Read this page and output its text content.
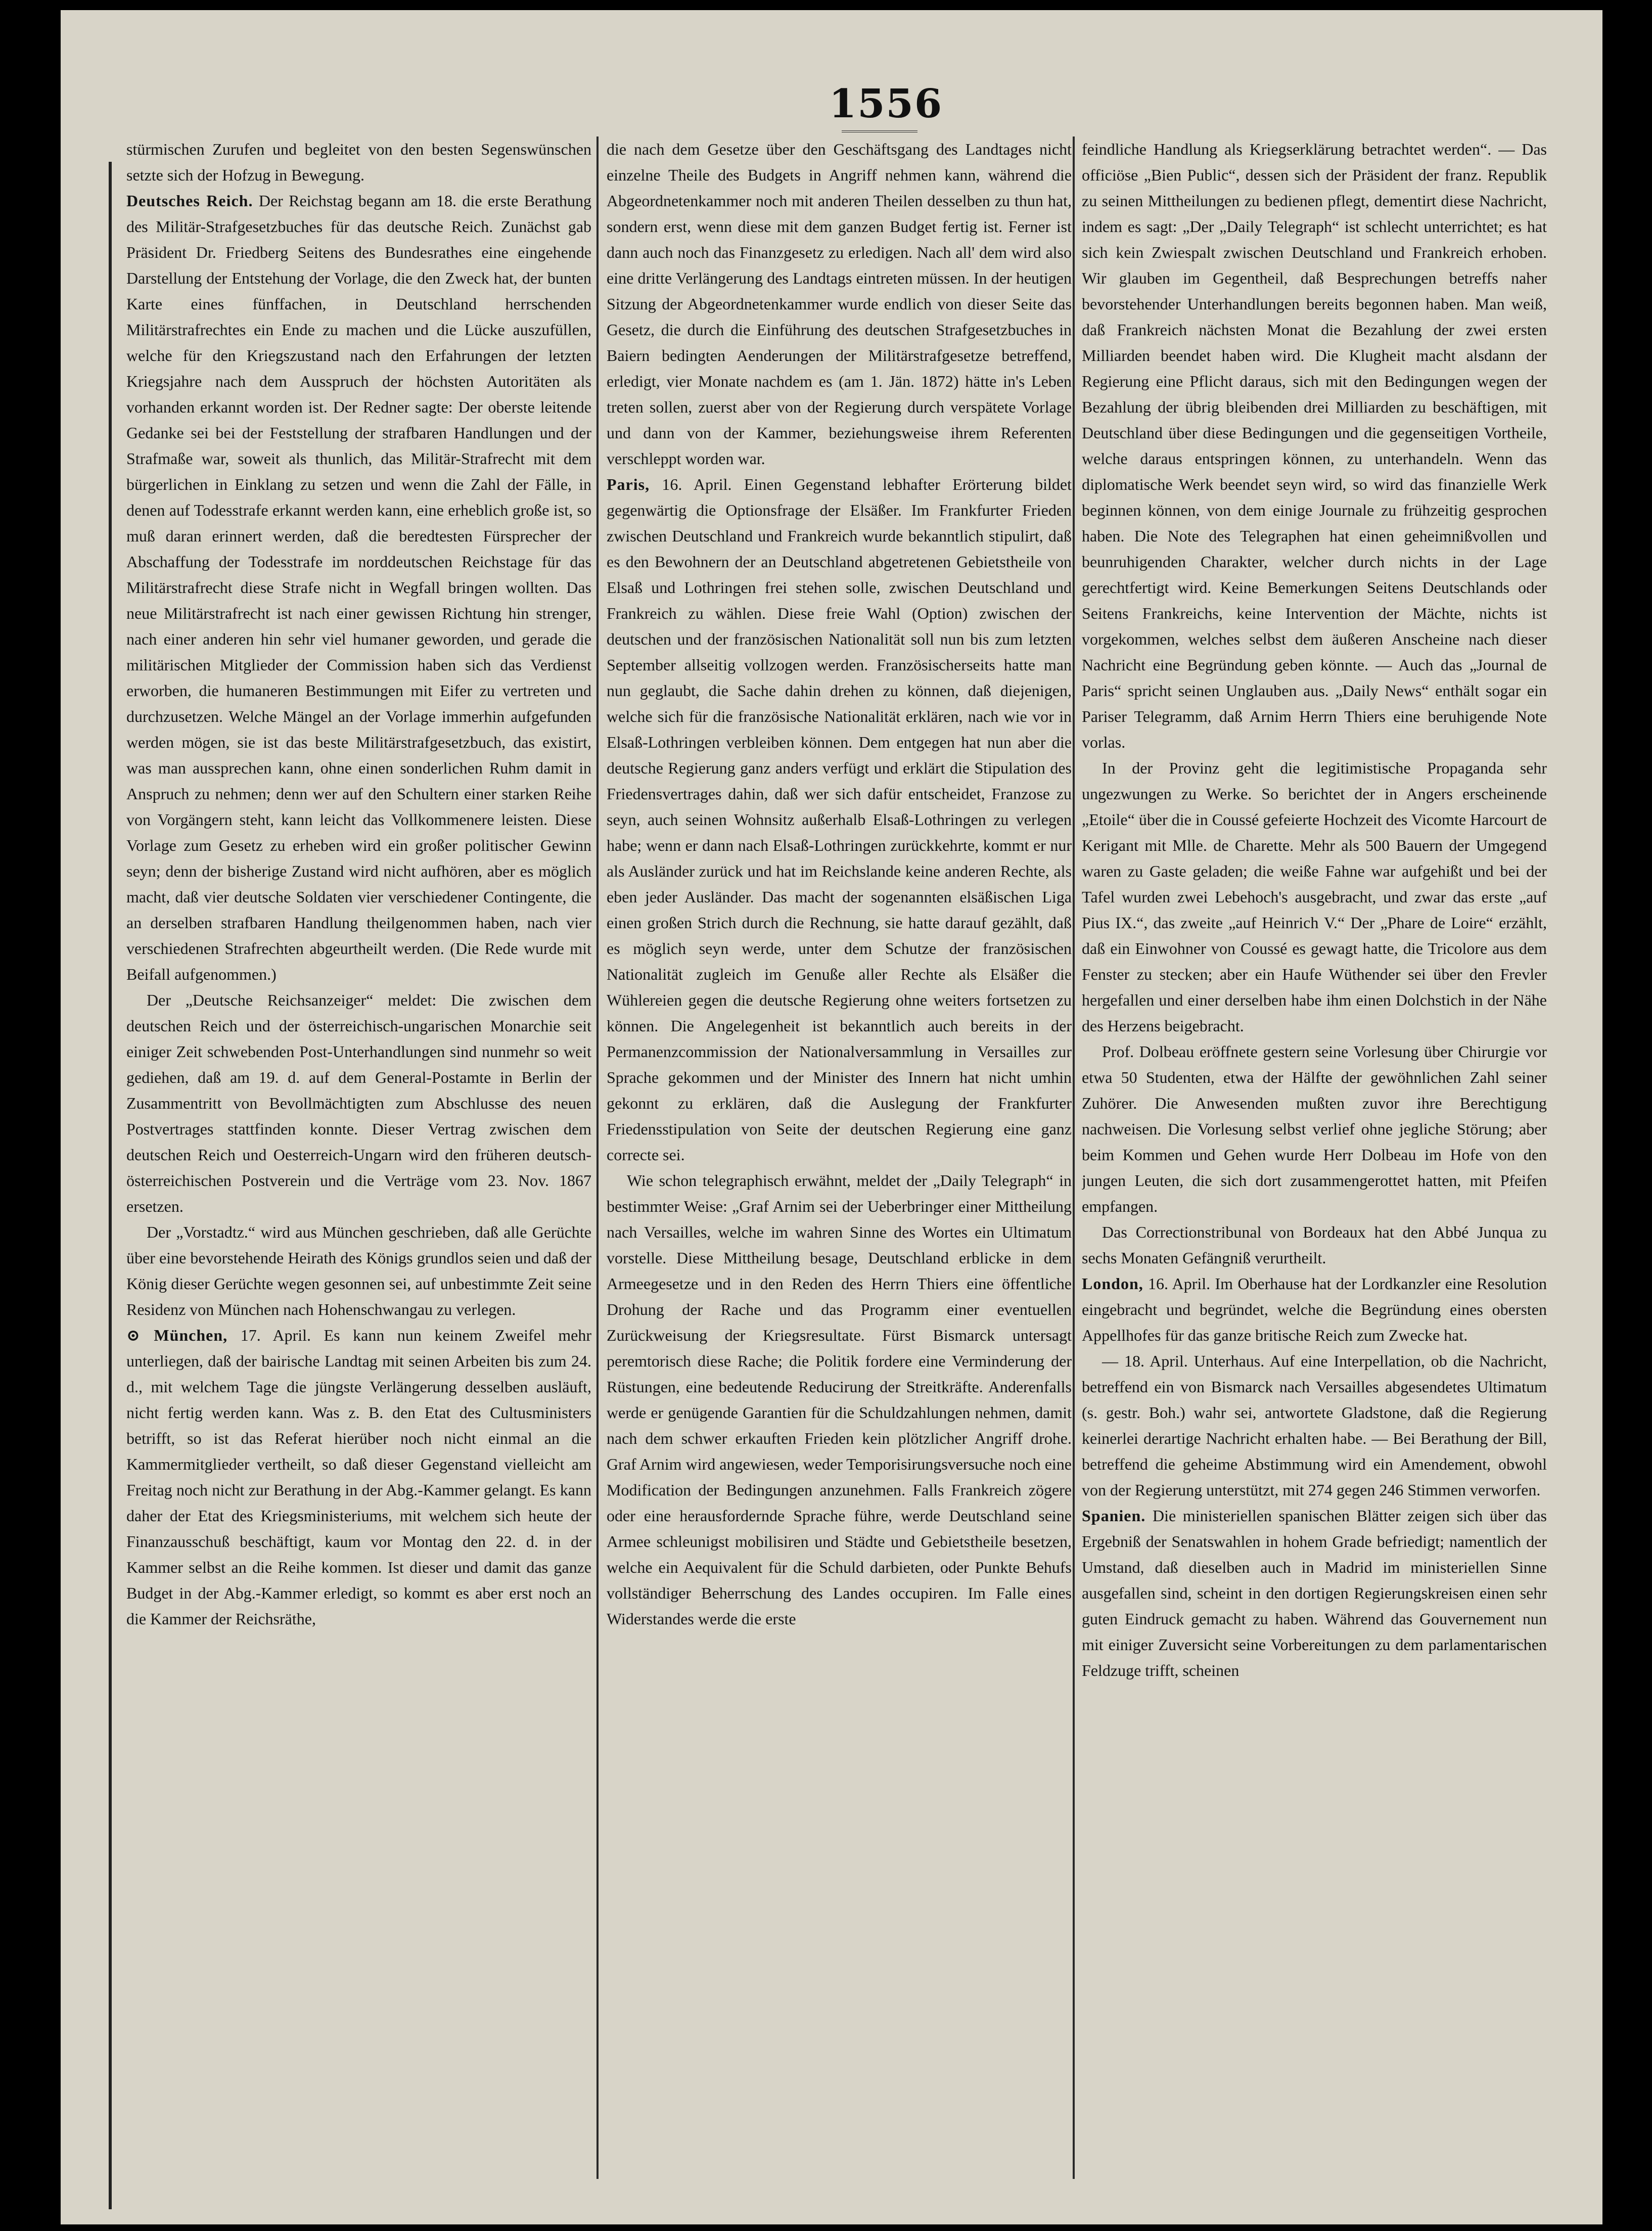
1556

stürmischen Zurufen und begleitet von den besten Segenswünschen setzte sich der Hofzug in Bewegung.

Deutsches Reich. Der Reichstag begann am 18. die erste Berathung des Militär-Strafgesetzbuches für das deutsche Reich. Zunächst gab Präsident Dr. Friedberg Seitens des Bundesrathes eine eingehende Darstellung der Entstehung der Vorlage, die den Zweck hat, der bunten Karte eines fünffachen, in Deutschland herrschenden Militärstrafrechtes ein Ende zu machen und die Lücke auszufüllen, welche für den Kriegszustand nach den Erfahrungen der letzten Kriegsjahre nach dem Ausspruch der höchsten Autoritäten als vorhanden erkannt worden ist. Der Redner sagte: Der oberste leitende Gedanke sei bei der Feststellung der strafbaren Handlungen und der Strafmaße war, soweit als thunlich, das Militär-Strafrecht mit dem bürgerlichen in Einklang zu setzen und wenn die Zahl der Fälle, in denen auf Todesstrafe erkannt werden kann, eine erheblich große ist, so muß daran erinnert werden, daß die beredtesten Fürsprecher der Abschaffung der Todesstrafe im norddeutschen Reichstage für das Militärstrafrecht diese Strafe nicht in Wegfall bringen wollten. Das neue Militärstrafrecht ist nach einer gewissen Richtung hin strenger, nach einer anderen hin sehr viel humaner geworden, und gerade die militärischen Mitglieder der Commission haben sich das Verdienst erworben, die humaneren Bestimmungen mit Eifer zu vertreten und durchzusetzen. Welche Mängel an der Vorlage immerhin aufgefunden werden mögen, sie ist das beste Militärstrafgesetzbuch, das existirt, was man aussprechen kann, ohne einen sonderlichen Ruhm damit in Anspruch zu nehmen; denn wer auf den Schultern einer starken Reihe von Vorgängern steht, kann leicht das Vollkommenere leisten. Diese Vorlage zum Gesetz zu erheben wird ein großer politischer Gewinn seyn; denn der bisherige Zustand wird nicht aufhören, aber es möglich macht, daß vier deutsche Soldaten vier verschiedener Contingente, die an derselben strafbaren Handlung theilgenommen haben, nach vier verschiedenen Strafrechten abgeurtheilt werden. (Die Rede wurde mit Beifall aufgenommen.)

Der „Deutsche Reichsanzeiger“ meldet: Die zwischen dem deutschen Reich und der österreichisch-ungarischen Monarchie seit einiger Zeit schwebenden Post-Unterhandlungen sind nunmehr so weit gediehen, daß am 19. d. auf dem General-Postamte in Berlin der Zusammentritt von Bevollmächtigten zum Abschlusse des neuen Postvertrages stattfinden konnte. Dieser Vertrag zwischen dem deutschen Reich und Oesterreich-Ungarn wird den früheren deutsch-österreichischen Postverein und die Verträge vom 23. Nov. 1867 ersetzen.

Der „Vorstadtz.“ wird aus München geschrieben, daß alle Gerüchte über eine bevorstehende Heirath des Königs grundlos seien und daß der König dieser Gerüchte wegen gesonnen sei, auf unbestimmte Zeit seine Residenz von München nach Hohenschwangau zu verlegen.

⊙ München, 17. April. Es kann nun keinem Zweifel mehr unterliegen, daß der bairische Landtag mit seinen Arbeiten bis zum 24. d., mit welchem Tage die jüngste Verlängerung desselben ausläuft, nicht fertig werden kann. Was z. B. den Etat des Cultusministers betrifft, so ist das Referat hierüber noch nicht einmal an die Kammermitglieder vertheilt, so daß dieser Gegenstand vielleicht am Freitag noch nicht zur Berathung in der Abg.-Kammer gelangt. Es kann daher der Etat des Kriegsministeriums, mit welchem sich heute der Finanzausschuß beschäftigt, kaum vor Montag den 22. d. in der Kammer selbst an die Reihe kommen. Ist dieser und damit das ganze Budget in der Abg.-Kammer erledigt, so kommt es aber erst noch an die Kammer der Reichsräthe,

die nach dem Gesetze über den Geschäftsgang des Landtages nicht einzelne Theile des Budgets in Angriff nehmen kann, während die Abgeordnetenkammer noch mit anderen Theilen desselben zu thun hat, sondern erst, wenn diese mit dem ganzen Budget fertig ist. Ferner ist dann auch noch das Finanzgesetz zu erledigen. Nach all' dem wird also eine dritte Verlängerung des Landtags eintreten müssen. In der heutigen Sitzung der Abgeordnetenkammer wurde endlich von dieser Seite das Gesetz, die durch die Einführung des deutschen Strafgesetzbuches in Baiern bedingten Aenderungen der Militärstrafgesetze betreffend, erledigt, vier Monate nachdem es (am 1. Jän. 1872) hätte in's Leben treten sollen, zuerst aber von der Regierung durch verspätete Vorlage und dann von der Kammer, beziehungsweise ihrem Referenten verschleppt worden war.

Paris, 16. April. Einen Gegenstand lebhafter Erörterung bildet gegenwärtig die Optionsfrage der Elsäßer. Im Frankfurter Frieden zwischen Deutschland und Frankreich wurde bekanntlich stipulirt, daß es den Bewohnern der an Deutschland abgetretenen Gebietstheile von Elsaß und Lothringen frei stehen solle, zwischen Deutschland und Frankreich zu wählen. Diese freie Wahl (Option) zwischen der deutschen und der französischen Nationalität soll nun bis zum letzten September allseitig vollzogen werden. Französischerseits hatte man nun geglaubt, die Sache dahin drehen zu können, daß diejenigen, welche sich für die französische Nationalität erklären, nach wie vor in Elsaß-Lothringen verbleiben können. Dem entgegen hat nun aber die deutsche Regierung ganz anders verfügt und erklärt die Stipulation des Friedensvertrages dahin, daß wer sich dafür entscheidet, Franzose zu seyn, auch seinen Wohnsitz außerhalb Elsaß-Lothringen zu verlegen habe; wenn er dann nach Elsaß-Lothringen zurückkehrte, kommt er nur als Ausländer zurück und hat im Reichslande keine anderen Rechte, als eben jeder Ausländer. Das macht der sogenannten elsäßischen Liga einen großen Strich durch die Rechnung, sie hatte darauf gezählt, daß es möglich seyn werde, unter dem Schutze der französischen Nationalität zugleich im Genuße aller Rechte als Elsäßer die Wühlereien gegen die deutsche Regierung ohne weiters fortsetzen zu können. Die Angelegenheit ist bekanntlich auch bereits in der Permanenzcommission der Nationalversammlung in Versailles zur Sprache gekommen und der Minister des Innern hat nicht umhin gekonnt zu erklären, daß die Auslegung der Frankfurter Friedensstipulation von Seite der deutschen Regierung eine ganz correcte sei.

Wie schon telegraphisch erwähnt, meldet der „Daily Telegraph“ in bestimmter Weise: „Graf Arnim sei der Ueberbringer einer Mittheilung nach Versailles, welche im wahren Sinne des Wortes ein Ultimatum vorstelle. Diese Mittheilung besage, Deutschland erblicke in dem Armeegesetze und in den Reden des Herrn Thiers eine öffentliche Drohung der Rache und das Programm einer eventuellen Zurückweisung der Kriegsresultate. Fürst Bismarck untersagt peremtorisch diese Rache; die Politik fordere eine Verminderung der Rüstungen, eine bedeutende Reducirung der Streitkräfte. Anderenfalls werde er genügende Garantien für die Schuldzahlungen nehmen, damit nach dem schwer erkauften Frieden kein plötzlicher Angriff drohe. Graf Arnim wird angewiesen, weder Temporisirungsversuche noch eine Modification der Bedingungen anzunehmen. Falls Frankreich zögere oder eine herausfordernde Sprache führe, werde Deutschland seine Armee schleunigst mobilisiren und Städte und Gebietstheile besetzen, welche ein Aequivalent für die Schuld darbieten, oder Punkte Behufs vollständiger Beherrschung des Landes occupiren. Im Falle eines Widerstandes werde die erste

feindliche Handlung als Kriegserklärung betrachtet werden“. — Das officiöse „Bien Public“, dessen sich der Präsident der franz. Republik zu seinen Mittheilungen zu bedienen pflegt, dementirt diese Nachricht, indem es sagt: „Der „Daily Telegraph“ ist schlecht unterrichtet; es hat sich kein Zwiespalt zwischen Deutschland und Frankreich erhoben. Wir glauben im Gegentheil, daß Besprechungen betreffs naher bevorstehender Unterhandlungen bereits begonnen haben. Man weiß, daß Frankreich nächsten Monat die Bezahlung der zwei ersten Milliarden beendet haben wird. Die Klugheit macht alsdann der Regierung eine Pflicht daraus, sich mit den Bedingungen wegen der Bezahlung der übrig bleibenden drei Milliarden zu beschäftigen, mit Deutschland über diese Bedingungen und die gegenseitigen Vortheile, welche daraus entspringen können, zu unterhandeln. Wenn das diplomatische Werk beendet seyn wird, so wird das finanzielle Werk beginnen können, von dem einige Journale zu frühzeitig gesprochen haben. Die Note des Telegraphen hat einen geheimnißvollen und beunruhigenden Charakter, welcher durch nichts in der Lage gerechtfertigt wird. Keine Bemerkungen Seitens Deutschlands oder Seitens Frankreichs, keine Intervention der Mächte, nichts ist vorgekommen, welches selbst dem äußeren Anscheine nach dieser Nachricht eine Begründung geben könnte. — Auch das „Journal de Paris“ spricht seinen Unglauben aus. „Daily News“ enthält sogar ein Pariser Telegramm, daß Arnim Herrn Thiers eine beruhigende Note vorlas.

In der Provinz geht die legitimistische Propaganda sehr ungezwungen zu Werke. So berichtet der in Angers erscheinende „Etoile“ über die in Coussé gefeierte Hochzeit des Vicomte Harcourt de Kerigant mit Mlle. de Charette. Mehr als 500 Bauern der Umgegend waren zu Gaste geladen; die weiße Fahne war aufgehißt und bei der Tafel wurden zwei Lebehoch's ausgebracht, und zwar das erste „auf Pius IX.“, das zweite „auf Heinrich V.“ Der „Phare de Loire“ erzählt, daß ein Einwohner von Coussé es gewagt hatte, die Tricolore aus dem Fenster zu stecken; aber ein Haufe Wüthender sei über den Frevler hergefallen und einer derselben habe ihm einen Dolchstich in der Nähe des Herzens beigebracht.

Prof. Dolbeau eröffnete gestern seine Vorlesung über Chirurgie vor etwa 50 Studenten, etwa der Hälfte der gewöhnlichen Zahl seiner Zuhörer. Die Anwesenden mußten zuvor ihre Berechtigung nachweisen. Die Vorlesung selbst verlief ohne jegliche Störung; aber beim Kommen und Gehen wurde Herr Dolbeau im Hofe von den jungen Leuten, die sich dort zusammengerottet hatten, mit Pfeifen empfangen.

Das Correctionstribunal von Bordeaux hat den Abbé Junqua zu sechs Monaten Gefängniß verurtheilt.

London, 16. April. Im Oberhause hat der Lordkanzler eine Resolution eingebracht und begründet, welche die Begründung eines obersten Appellhofes für das ganze britische Reich zum Zwecke hat.

— 18. April. Unterhaus. Auf eine Interpellation, ob die Nachricht, betreffend ein von Bismarck nach Versailles abgesendetes Ultimatum (s. gestr. Boh.) wahr sei, antwortete Gladstone, daß die Regierung keinerlei derartige Nachricht erhalten habe. — Bei Berathung der Bill, betreffend die geheime Abstimmung wird ein Amendement, obwohl von der Regierung unterstützt, mit 274 gegen 246 Stimmen verworfen.

Spanien. Die ministeriellen spanischen Blätter zeigen sich über das Ergebniß der Senatswahlen in hohem Grade befriedigt; namentlich der Umstand, daß dieselben auch in Madrid im ministeriellen Sinne ausgefallen sind, scheint in den dortigen Regierungskreisen einen sehr guten Eindruck gemacht zu haben. Während das Gouvernement nun mit einiger Zuversicht seine Vorbereitungen zu dem parlamentarischen Feldzuge trifft, scheinen
